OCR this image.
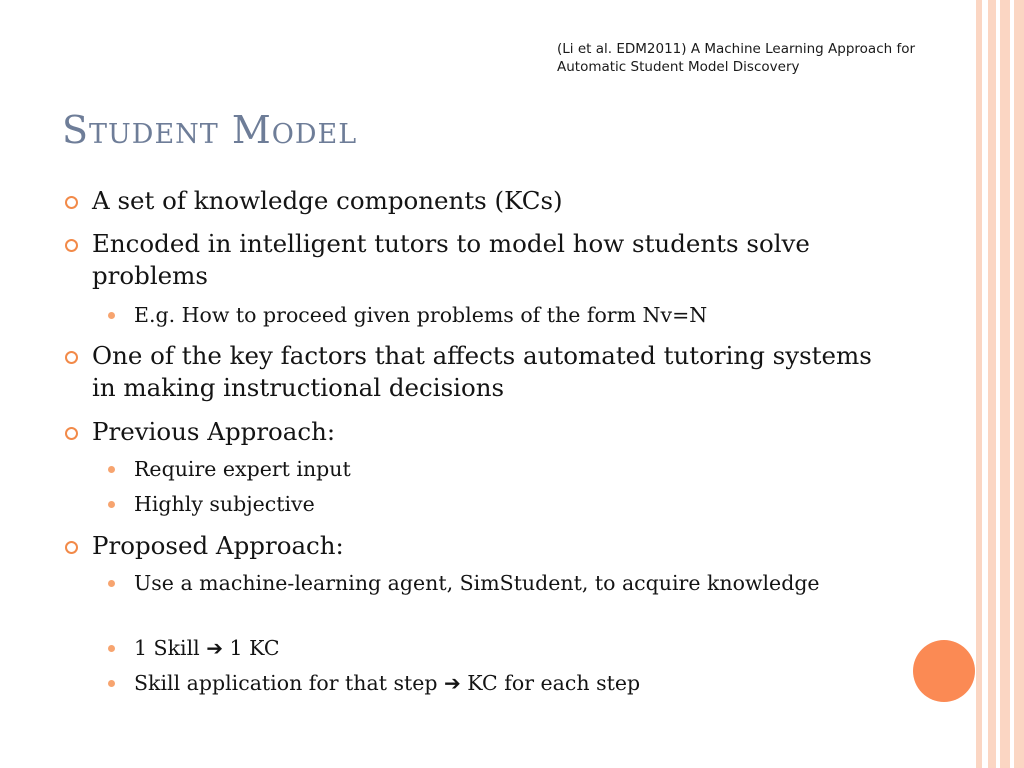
(Li et al. EDM2011) A Machine Learning Approach for Automatic Student Model Discovery
Student Model
A set of knowledge components (KCs)
Encoded in intelligent tutors to model how students solve problems
E.g. How to proceed given problems of the form Nv=N
One of the key factors that affects automated tutoring systems in making instructional decisions
Previous Approach:
Require expert input
Highly subjective
Proposed Approach:
Use a machine-learning agent, SimStudent, to acquire knowledge
1 Skill ➔ 1 KC
Skill application for that step ➔ KC for each step
